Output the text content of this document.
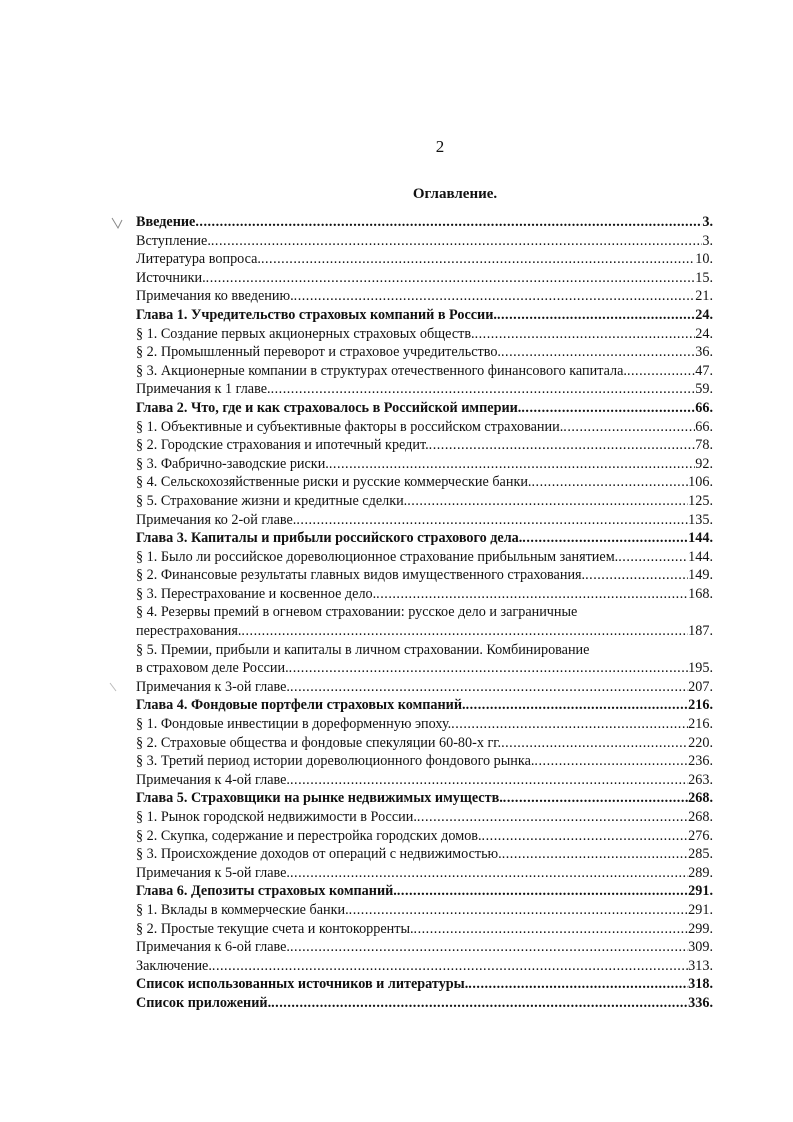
2
Оглавление.
Введение .....	3.
Вступление. .....	3.
Литература вопроса. .....	10.
Источники. .....	15.
Примечания ко введению. .....	21.
Глава 1. Учредительство страховых компаний в России. .....	24.
§ 1. Создание первых акционерных страховых обществ. .....	24.
§ 2. Промышленный переворот и страховое учредительство. .....	36.
§ 3. Акционерные компании в структурах отечественного финансового капитала. .....	47.
Примечания к 1 главе. .....	59.
Глава 2. Что, где и как страховалось в Российской империи. .....	66.
§ 1. Объективные и субъективные факторы в российском страховании. .....	66.
§ 2. Городские страхования и ипотечный кредит. .....	78.
§ 3. Фабрично-заводские риски. .....	92.
§ 4. Сельскохозяйственные риски и русские коммерческие банки. .....	106.
§ 5. Страхование жизни и кредитные сделки. .....	125.
Примечания ко 2-ой главе. .....	135.
Глава 3. Капиталы и прибыли российского страхового дела. .....	144.
§ 1. Было ли российское дореволюционное страхование прибыльным занятием. .....	144.
§ 2. Финансовые результаты главных видов имущественного страхования. .....	149.
§ 3. Перестрахование и косвенное дело. .....	168.
§ 4. Резервы премий в огневом страховании: русское дело и заграничные
перестрахования. .....	187.
§ 5. Премии, прибыли и капиталы в личном страховании. Комбинирование
в страховом деле России. .....	195.
Примечания к 3-ой главе. .....	207.
Глава 4. Фондовые портфели страховых компаний. .....	216.
§ 1. Фондовые инвестиции в дореформенную эпоху. .....	216.
§ 2. Страховые общества и фондовые спекуляции 60-80-х гг. .....	220.
§ 3. Третий период истории дореволюционного фондового рынка. .....	236.
Примечания к 4-ой главе. .....	263.
Глава 5. Страховщики на рынке недвижимых имуществ. .....	268.
§ 1. Рынок городской недвижимости в России. .....	268.
§ 2. Скупка, содержание и перестройка городских домов. .....	276.
§ 3. Происхождение доходов от операций с недвижимостью. .....	285.
Примечания к 5-ой главе. .....	289.
Глава 6. Депозиты страховых компаний. .....	291.
§ 1. Вклады в коммерческие банки. .....	291.
§ 2. Простые текущие счета и контокорренты. .....	299.
Примечания к 6-ой главе. .....	309.
Заключение. .....	313.
Список использованных источников и литературы. .....	318.
Список приложений. .....	336.
